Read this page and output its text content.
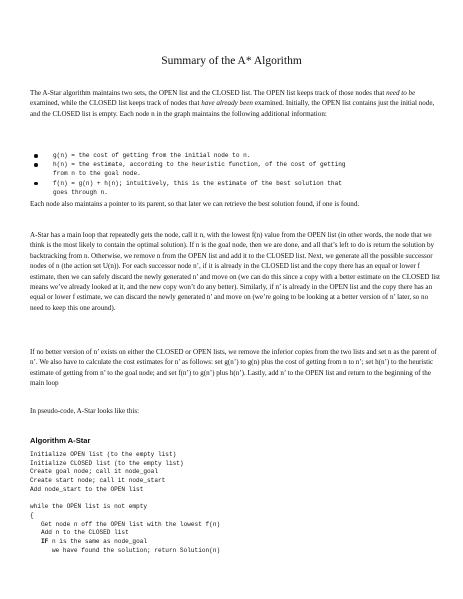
Summary of the A* Algorithm

The A-Star algorithm maintains two sets, the OPEN list and the CLOSED list. The OPEN list keeps track of those nodes that need to be examined, while the CLOSED list keeps track of nodes that have already been examined. Initially, the OPEN list contains just the initial node, and the CLOSED list is empty. Each node n in the graph maintains the following additional information:

g(n) = the cost of getting from the initial node to n.
h(n) = the estimate, according to the heuristic function, of the cost of getting
from n to the goal node.
f(n) = g(n) + h(n); intuitively, this is the estimate of the best solution that
goes through n.

Each node also maintains a pointer to its parent, so that later we can retrieve the best solution found, if one is found.

A-Star has a main loop that repeatedly gets the node, call it n, with the lowest f(n) value from the OPEN list (in other words, the node that we think is the most likely to contain the optimal solution). If n is the goal node, then we are done, and all that’s left to do is return the solution by backtracking from n. Otherwise, we remove n from the OPEN list and add it to the CLOSED list. Next, we generate all the possible successor nodes of n (the action set U(n)). For each successor node n’, if it is already in the CLOSED list and the copy there has an equal or lower f estimate, then we can safely discard the newly generated n’ and move on (we can do this since a copy with a better estimate on the CLOSED list means we’ve already looked at it, and the new copy won’t do any better). Similarly, if n’ is already in the OPEN list and the copy there has an equal or lower f estimate, we can discard the newly generated n’ and move on (we’re going to be looking at a better version of n’ later, so no need to keep this one around).

If no better version of n’ exists on either the CLOSED or OPEN lists, we remove the inferior copies from the two lists and set n as the parent of n’. We also have to calculate the cost estimates for n’ as follows: set g(n’) to g(n) plus the cost of getting from n to n’; set h(n’) to the heuristic estimate of getting from n’ to the goal node; and set f(n’) to g(n’) plus h(n’). Lastly, add n’ to the OPEN list and return to the beginning of the main loop

In pseudo-code, A-Star looks like this:

Algorithm A-Star
Initialize OPEN list (to the empty list)
Initialize CLOSED list (to the empty list)
Create goal node; call it node_goal
Create start node; call it node_start
Add node_start to the OPEN list
while the OPEN list is not empty
{
Get node n off the OPEN list with the lowest f(n)
Add n to the CLOSED list
IF n is the same as node_goal
we have found the solution; return Solution(n)
